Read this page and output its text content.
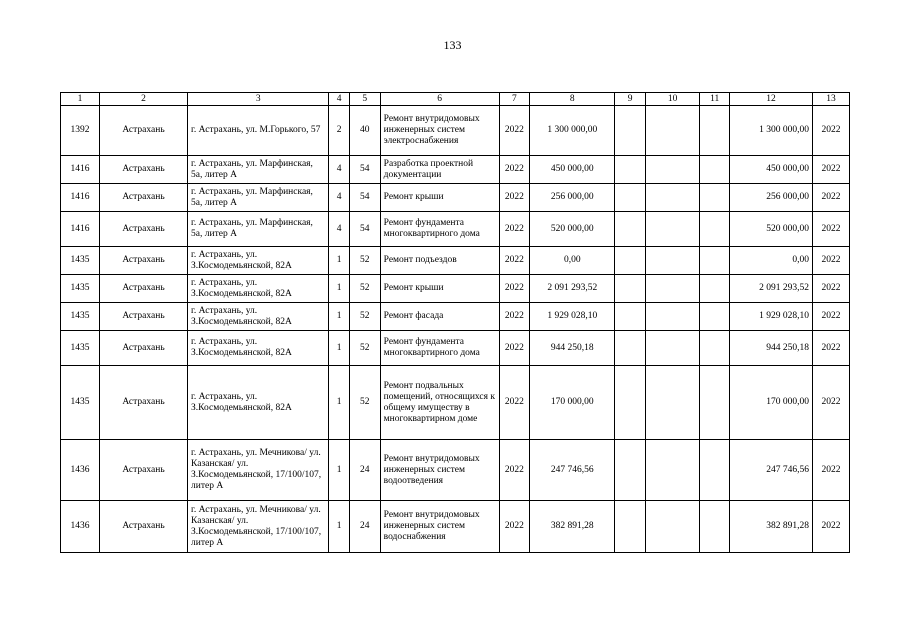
133
1	2	3	4	5	6	7	8	9	10	11	12	13
1392	Астрахань	г. Астрахань, ул. М.Горького, 57	2	40	Ремонт внутридомовых инженерных систем электроснабжения	2022	1 300 000,00				1 300 000,00	2022
1416	Астрахань	г. Астрахань, ул. Марфинская, 5а, литер А	4	54	Разработка проектной документации	2022	450 000,00				450 000,00	2022
1416	Астрахань	г. Астрахань, ул. Марфинская, 5а, литер А	4	54	Ремонт крыши	2022	256 000,00				256 000,00	2022
1416	Астрахань	г. Астрахань, ул. Марфинская, 5а, литер А	4	54	Ремонт фундамента многоквартирного дома	2022	520 000,00				520 000,00	2022
1435	Астрахань	г. Астрахань, ул. З.Космодемьянской, 82А	1	52	Ремонт подъездов	2022	0,00				0,00	2022
1435	Астрахань	г. Астрахань, ул. З.Космодемьянской, 82А	1	52	Ремонт крыши	2022	2 091 293,52				2 091 293,52	2022
1435	Астрахань	г. Астрахань, ул. З.Космодемьянской, 82А	1	52	Ремонт фасада	2022	1 929 028,10				1 929 028,10	2022
1435	Астрахань	г. Астрахань, ул. З.Космодемьянской, 82А	1	52	Ремонт фундамента многоквартирного дома	2022	944 250,18				944 250,18	2022
1435	Астрахань	г. Астрахань, ул. З.Космодемьянской, 82А	1	52	Ремонт подвальных помещений, относящихся к общему имуществу в многоквартирном доме	2022	170 000,00				170 000,00	2022
1436	Астрахань	г. Астрахань, ул. Мечникова/ ул. Казанская/ ул. З.Космодемьянской, 17/100/107, литер А	1	24	Ремонт внутридомовых инженерных систем водоотведения	2022	247 746,56				247 746,56	2022
1436	Астрахань	г. Астрахань, ул. Мечникова/ ул. Казанская/ ул. З.Космодемьянской, 17/100/107, литер А	1	24	Ремонт внутридомовых инженерных систем водоснабжения	2022	382 891,28				382 891,28	2022
